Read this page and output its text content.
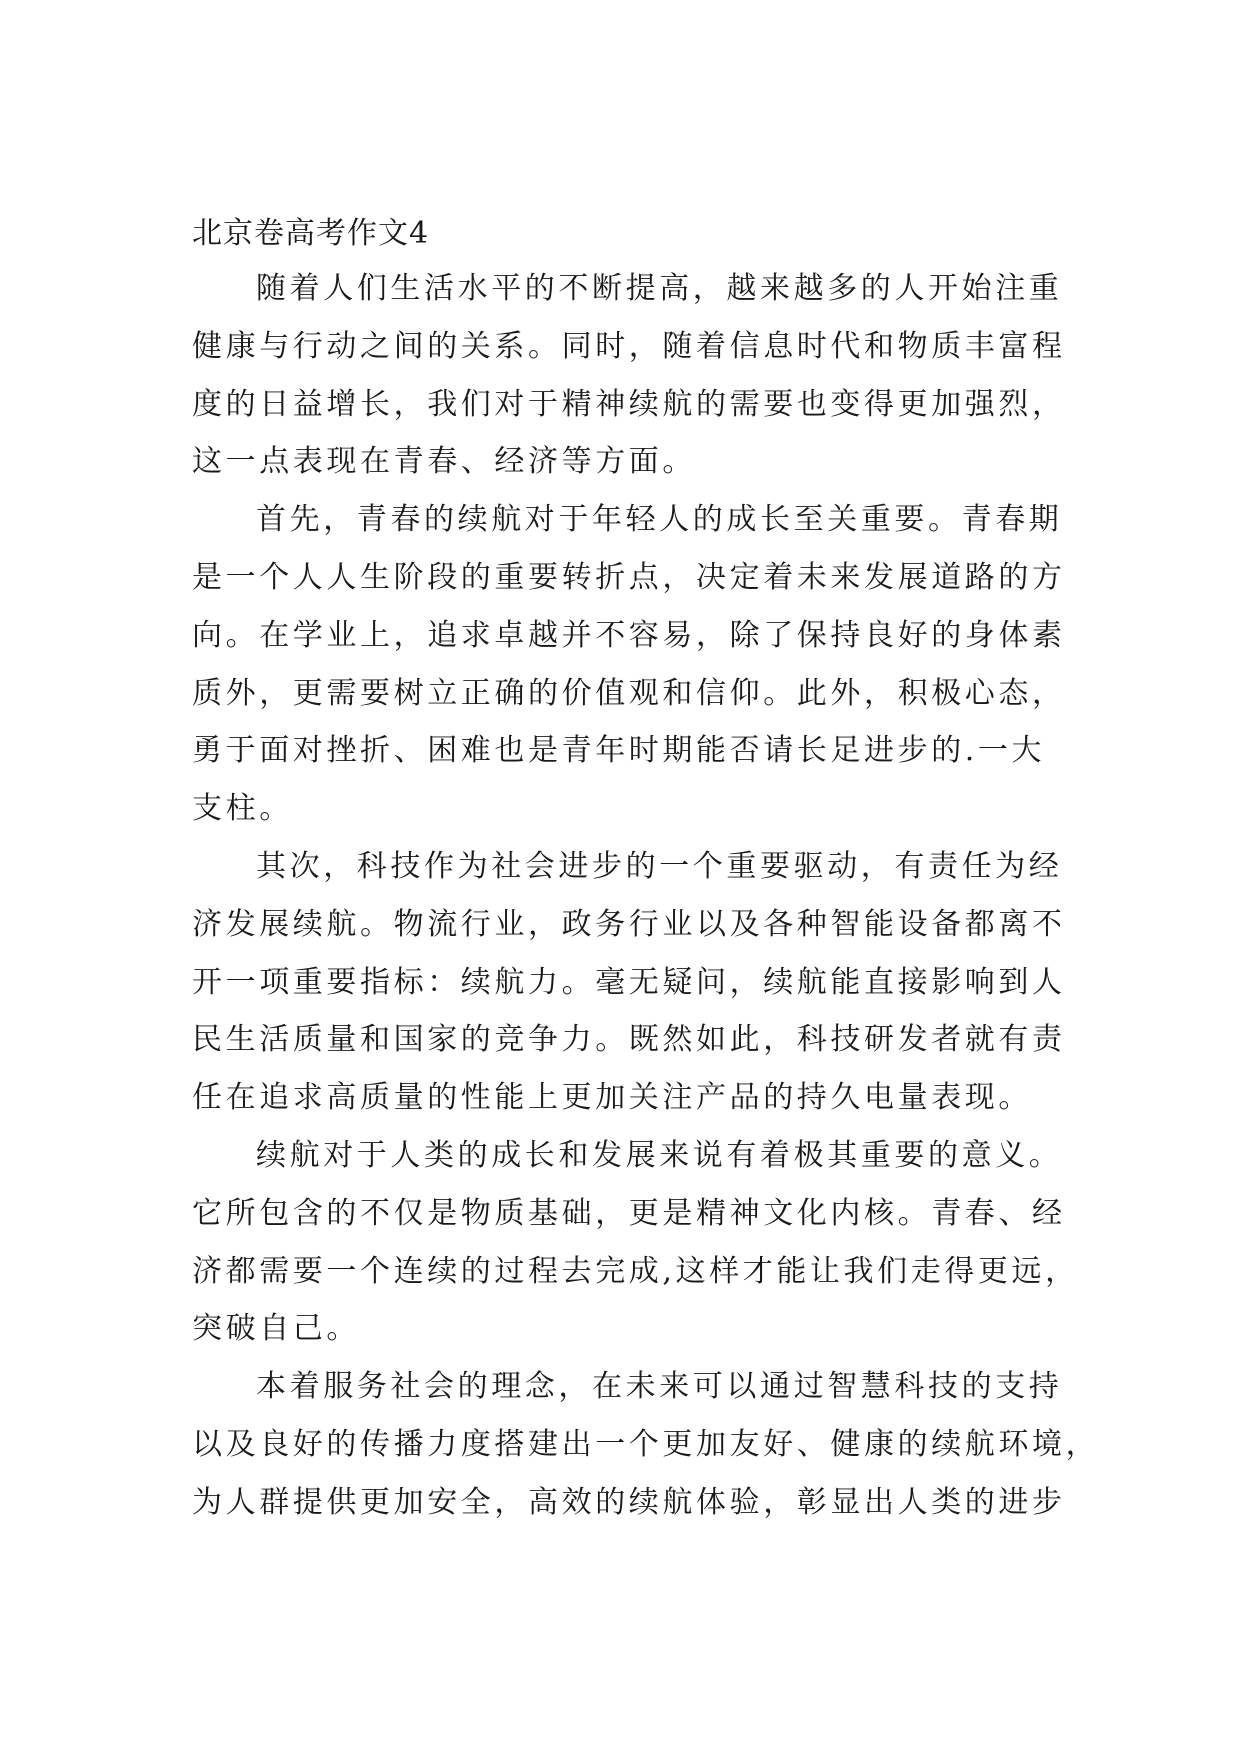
北京卷高考作文4
随着人们生活水平的不断提高，越来越多的人开始注重
健康与行动之间的关系。同时，随着信息时代和物质丰富程
度的日益增长，我们对于精神续航的需要也变得更加强烈，
这一点表现在青春、经济等方面。
首先，青春的续航对于年轻人的成长至关重要。青春期
是一个人人生阶段的重要转折点，决定着未来发展道路的方
向。在学业上，追求卓越并不容易，除了保持良好的身体素
质外，更需要树立正确的价值观和信仰。此外，积极心态，
勇于面对挫折、困难也是青年时期能否请长足进步的.一大
支柱。
其次，科技作为社会进步的一个重要驱动，有责任为经
济发展续航。物流行业，政务行业以及各种智能设备都离不
开一项重要指标：续航力。毫无疑问，续航能直接影响到人
民生活质量和国家的竞争力。既然如此，科技研发者就有责
任在追求高质量的性能上更加关注产品的持久电量表现。
续航对于人类的成长和发展来说有着极其重要的意义。
它所包含的不仅是物质基础，更是精神文化内核。青春、经
济都需要一个连续的过程去完成,这样才能让我们走得更远，
突破自己。
本着服务社会的理念，在未来可以通过智慧科技的支持
以及良好的传播力度搭建出一个更加友好、健康的续航环境，
为人群提供更加安全，高效的续航体验，彰显出人类的进步
